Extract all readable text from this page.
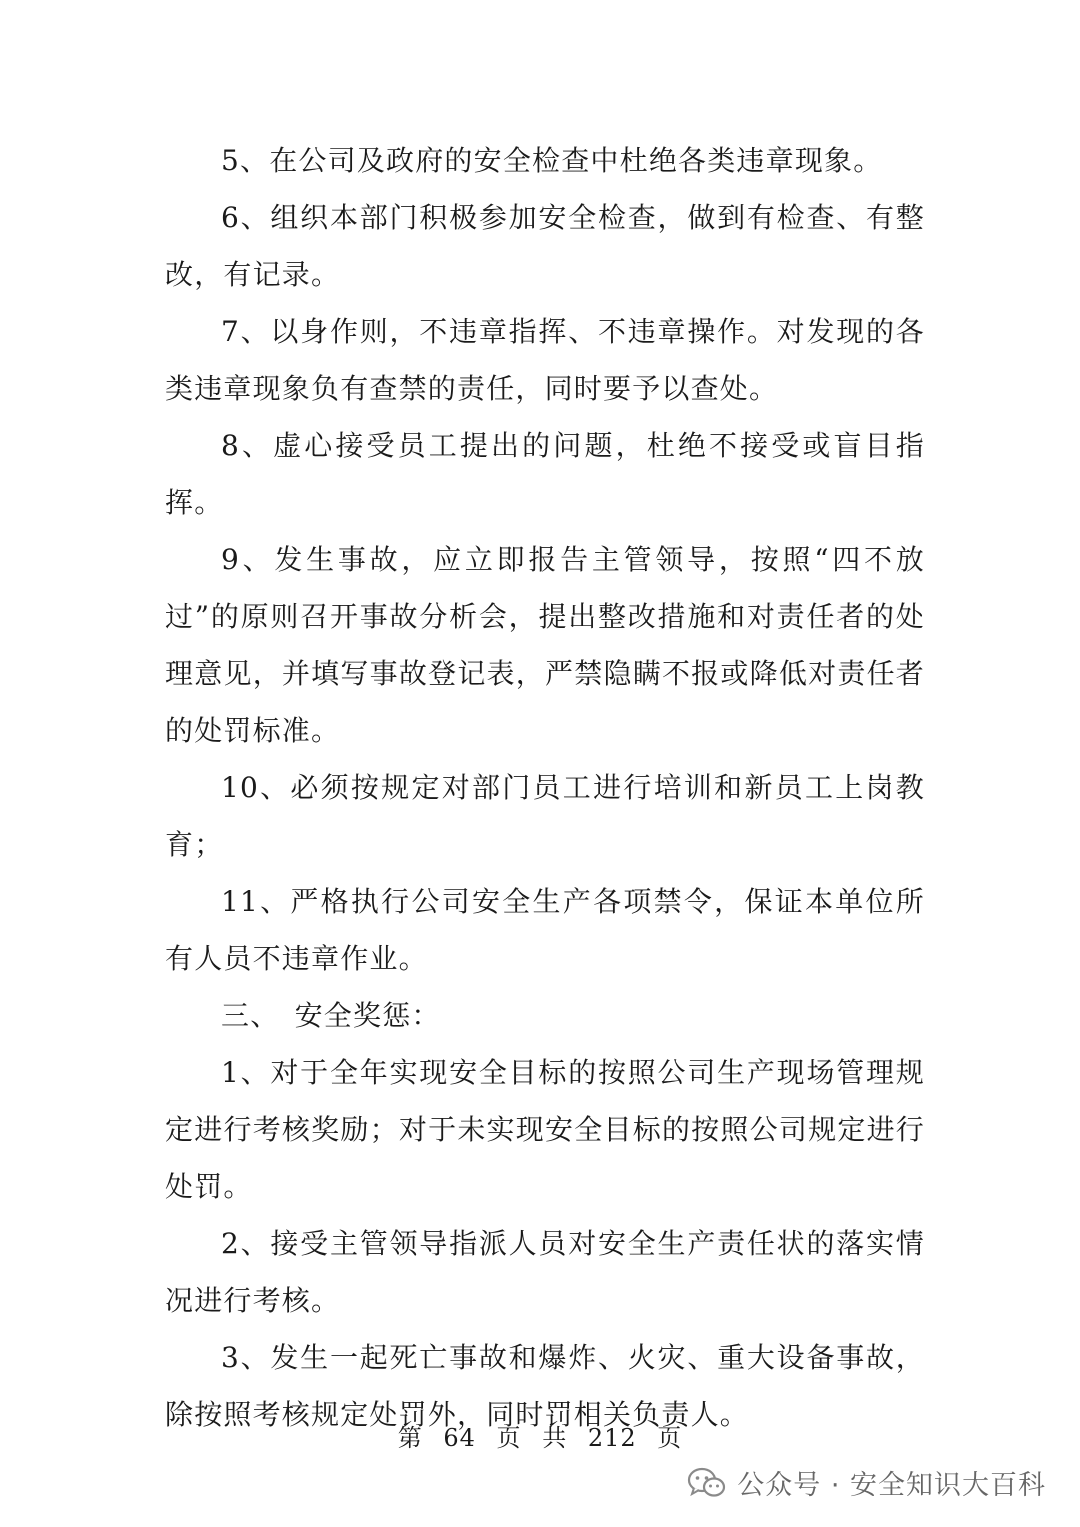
5、在公司及政府的安全检查中杜绝各类违章现象。

6、组织本部门积极参加安全检查，做到有检查、有整改，有记录。

7、以身作则，不违章指挥、不违章操作。对发现的各类违章现象负有查禁的责任，同时要予以查处。

8、虚心接受员工提出的问题，杜绝不接受或盲目指挥。

9、发生事故，应立即报告主管领导，按照“四不放过”的原则召开事故分析会，提出整改措施和对责任者的处理意见，并填写事故登记表，严禁隐瞒不报或降低对责任者的处罚标准。

10、必须按规定对部门员工进行培训和新员工上岗教育；

11、严格执行公司安全生产各项禁令，保证本单位所有人员不违章作业。

三、　安全奖惩：

1、对于全年实现安全目标的按照公司生产现场管理规定进行考核奖励；对于未实现安全目标的按照公司规定进行处罚。

2、接受主管领导指派人员对安全生产责任状的落实情况进行考核。

3、发生一起死亡事故和爆炸、火灾、重大设备事故，除按照考核规定处罚外，同时罚相关负责人。

第 64 页 共 212 页
公众号 · 安全知识大百科
